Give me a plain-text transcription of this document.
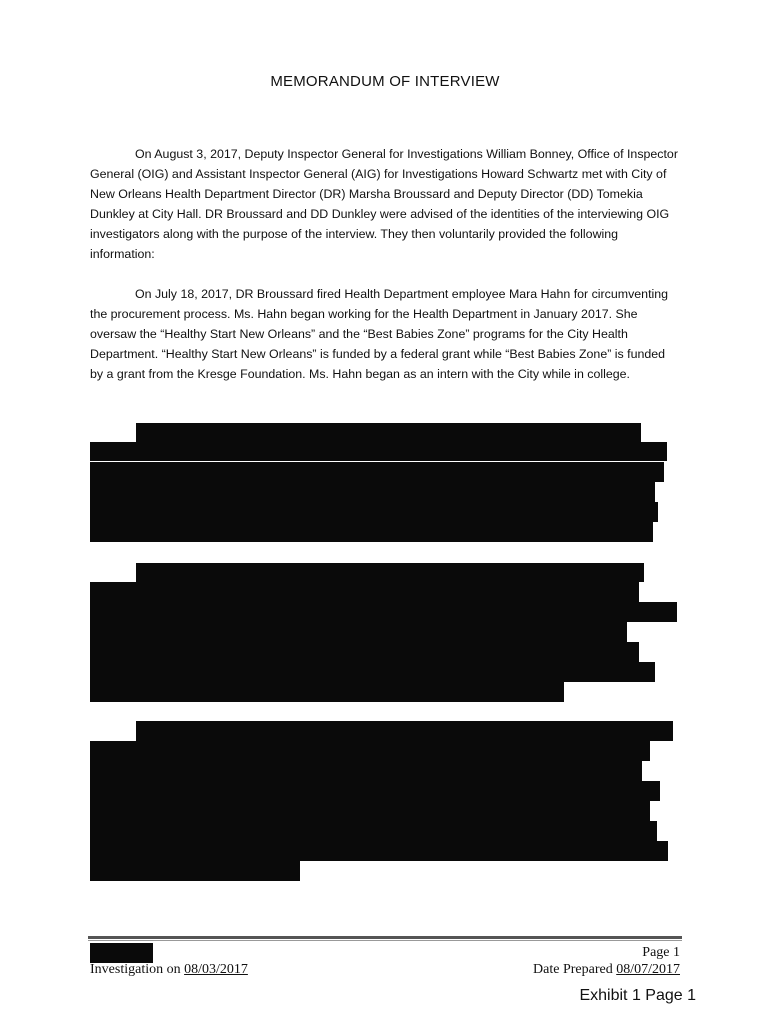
MEMORANDUM OF INTERVIEW

On August 3, 2017, Deputy Inspector General for Investigations William Bonney, Office of Inspector General (OIG) and Assistant Inspector General (AIG) for Investigations Howard Schwartz met with City of New Orleans Health Department Director (DR) Marsha Broussard and Deputy Director (DD) Tomekia Dunkley at City Hall. DR Broussard and DD Dunkley were advised of the identities of the interviewing OIG investigators along with the purpose of the interview. They then voluntarily provided the following information:

On July 18, 2017, DR Broussard fired Health Department employee Mara Hahn for circumventing the procurement process. Ms. Hahn began working for the Health Department in January 2017. She oversaw the “Healthy Start New Orleans” and the “Best Babies Zone” programs for the City Health Department. “Healthy Start New Orleans” is funded by a federal grant while “Best Babies Zone” is funded by a grant from the Kresge Foundation. Ms. Hahn began as an intern with the City while in college.

Page 1
Investigation on 08/03/2017	Date Prepared 08/07/2017
Exhibit 1 Page 1
